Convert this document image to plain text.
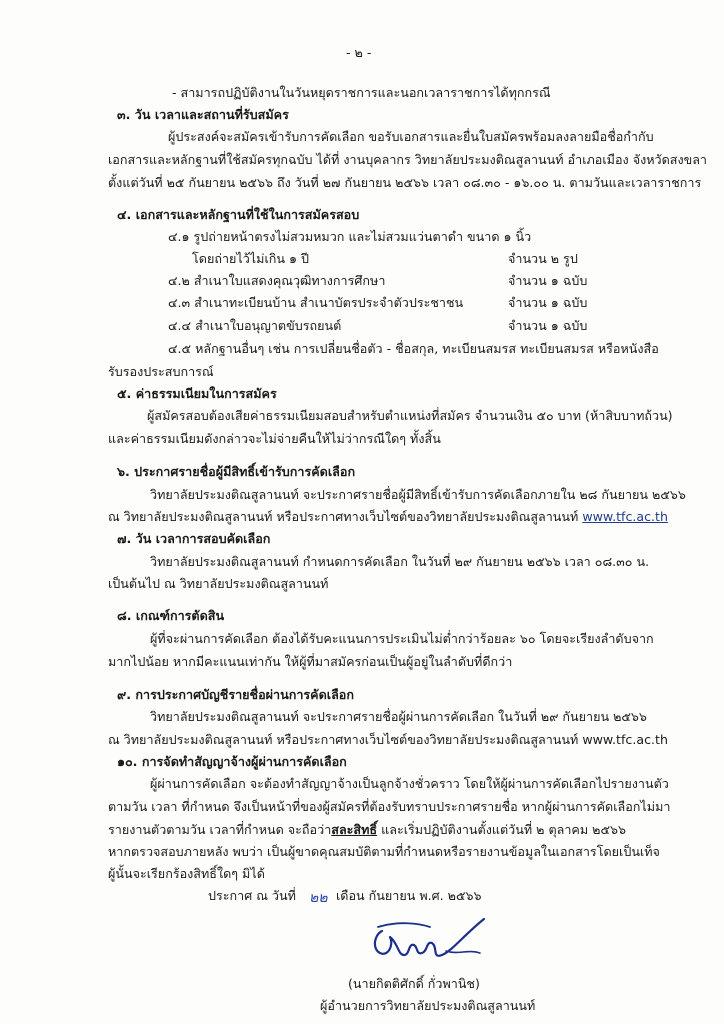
- ๒ -
- สามารถปฏิบัติงานในวันหยุดราชการและนอกเวลาราชการได้ทุกกรณี
๓. วัน เวลาและสถานที่รับสมัคร
ผู้ประสงค์จะสมัครเข้ารับการคัดเลือก ขอรับเอกสารและยื่นใบสมัครพร้อมลงลายมือชื่อกำกับ
เอกสารและหลักฐานที่ใช้สมัครทุกฉบับ ได้ที่ งานบุคลากร วิทยาลัยประมงติณสูลานนท์ อำเภอเมือง จังหวัดสงขลา
ตั้งแต่วันที่ ๒๕ กันยายน ๒๕๖๖ ถึง วันที่ ๒๗ กันยายน ๒๕๖๖ เวลา ๐๘.๓๐ - ๑๖.๐๐ น. ตามวันและเวลาราชการ
๔. เอกสารและหลักฐานที่ใช้ในการสมัครสอบ
๔.๑ รูปถ่ายหน้าตรงไม่สวมหมวก และไม่สวมแว่นตาดำ ขนาด ๑ นิ้ว
โดยถ่ายไว้ไม่เกิน ๑ ปี	จำนวน ๒ รูป
๔.๒ สำเนาใบแสดงคุณวุฒิทางการศึกษา	จำนวน ๑ ฉบับ
๔.๓ สำเนาทะเบียนบ้าน สำเนาบัตรประจำตัวประชาชน	จำนวน ๑ ฉบับ
๔.๔ สำเนาใบอนุญาตขับรถยนต์	จำนวน ๑ ฉบับ
๔.๕ หลักฐานอื่นๆ เช่น การเปลี่ยนชื่อตัว - ชื่อสกุล, ทะเบียนสมรส ทะเบียนสมรส หรือหนังสือ
รับรองประสบการณ์
๕. ค่าธรรมเนียมในการสมัคร
ผู้สมัครสอบต้องเสียค่าธรรมเนียมสอบสำหรับตำแหน่งที่สมัคร จำนวนเงิน ๕๐ บาท (ห้าสิบบาทถ้วน)
และค่าธรรมเนียมดังกล่าวจะไม่จ่ายคืนให้ไม่ว่ากรณีใดๆ ทั้งสิ้น
๖. ประกาศรายชื่อผู้มีสิทธิ์เข้ารับการคัดเลือก
วิทยาลัยประมงติณสูลานนท์ จะประกาศรายชื่อผู้มีสิทธิ์เข้ารับการคัดเลือกภายใน ๒๘ กันยายน ๒๕๖๖
ณ วิทยาลัยประมงติณสูลานนท์ หรือประกาศทางเว็บไซต์ของวิทยาลัยประมงติณสูลานนท์ www.tfc.ac.th
๗. วัน เวลาการสอบคัดเลือก
วิทยาลัยประมงติณสูลานนท์ กำหนดการคัดเลือก ในวันที่ ๒๙ กันยายน ๒๕๖๖ เวลา ๐๘.๓๐ น.
เป็นต้นไป ณ วิทยาลัยประมงติณสูลานนท์
๘. เกณฑ์การตัดสิน
ผู้ที่จะผ่านการคัดเลือก ต้องได้รับคะแนนการประเมินไม่ต่ำกว่าร้อยละ ๖๐ โดยจะเรียงลำดับจาก
มากไปน้อย หากมีคะแนนเท่ากัน ให้ผู้ที่มาสมัครก่อนเป็นผู้อยู่ในลำดับที่ดีกว่า
๙. การประกาศบัญชีรายชื่อผ่านการคัดเลือก
วิทยาลัยประมงติณสูลานนท์ จะประกาศรายชื่อผู้ผ่านการคัดเลือก ในวันที่ ๒๙ กันยายน ๒๕๖๖
ณ วิทยาลัยประมงติณสูลานนท์ หรือประกาศทางเว็บไซต์ของวิทยาลัยประมงติณสูลานนท์ www.tfc.ac.th
๑๐. การจัดทำสัญญาจ้างผู้ผ่านการคัดเลือก
ผู้ผ่านการคัดเลือก จะต้องทำสัญญาจ้างเป็นลูกจ้างชั่วคราว โดยให้ผู้ผ่านการคัดเลือกไปรายงานตัว
ตามวัน เวลา ที่กำหนด จึงเป็นหน้าที่ของผู้สมัครที่ต้องรับทราบประกาศรายชื่อ หากผู้ผ่านการคัดเลือกไม่มา
รายงานตัวตามวัน เวลาที่กำหนด จะถือว่าสละสิทธิ์ และเริ่มปฏิบัติงานตั้งแต่วันที่ ๒ ตุลาคม ๒๕๖๖
หากตรวจสอบภายหลัง พบว่า เป็นผู้ขาดคุณสมบัติตามที่กำหนดหรือรายงานข้อมูลในเอกสารโดยเป็นเท็จ
ผู้นั้นจะเรียกร้องสิทธิ์ใดๆ มิได้
ประกาศ ณ วันที่ ๒๒ เดือน กันยายน พ.ศ. ๒๕๖๖
(นายกิตติศักดิ์ กั่วพานิช)
ผู้อำนวยการวิทยาลัยประมงติณสูลานนท์
